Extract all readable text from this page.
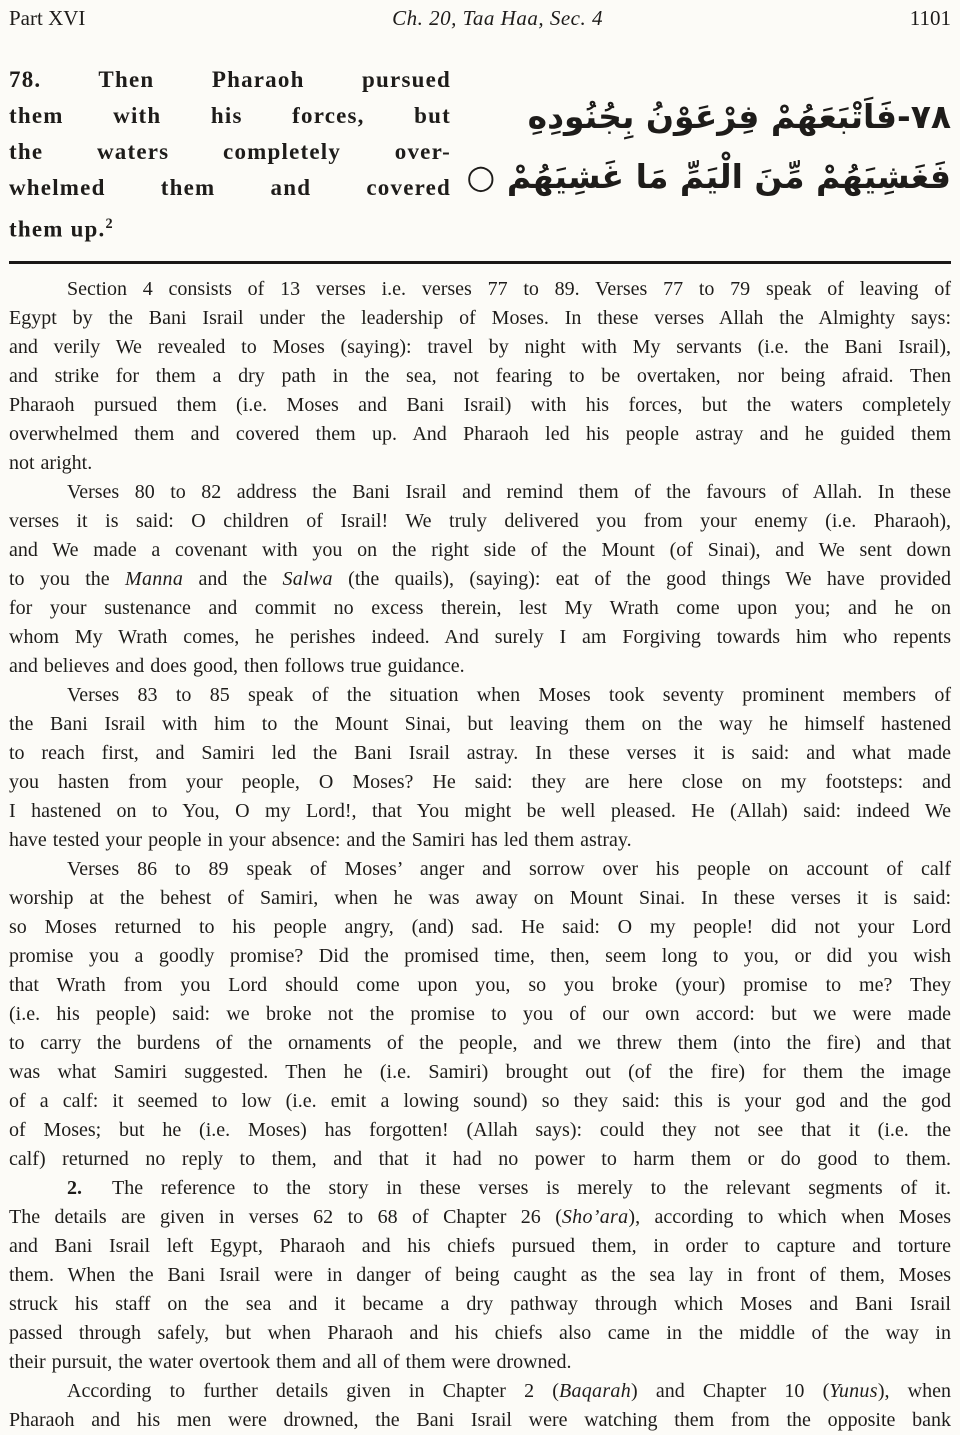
Part XVI	Ch. 20, Taa Haa, Sec. 4	1101
78. Then Pharaoh pursued
them with his forces, but
the waters completely over-
whelmed them and covered
them up.$^2$
٧٨-فَاَتْبَعَهُمْ فِرْعَوْنُ بِجُنُودِهِ
فَغَشِيَهُمْ مِّنَ الْيَمِّ مَا غَشِيَهُمْ ○
Section 4 consists of 13 verses i.e. verses 77 to 89. Verses 77 to 79 speak of leaving of
Egypt by the Bani Israil under the leadership of Moses. In these verses Allah the Almighty says:
and verily We revealed to Moses (saying): travel by night with My servants (i.e. the Bani Israil),
and strike for them a dry path in the sea, not fearing to be overtaken, nor being afraid. Then
Pharaoh pursued them (i.e. Moses and Bani Israil) with his forces, but the waters completely
overwhelmed them and covered them up. And Pharaoh led his people astray and he guided them
not aright.
Verses 80 to 82 address the Bani Israil and remind them of the favours of Allah. In these
verses it is said: O children of Israil! We truly delivered you from your enemy (i.e. Pharaoh),
and We made a covenant with you on the right side of the Mount (of Sinai), and We sent down
to you the Manna and the Salwa (the quails), (saying): eat of the good things We have provided
for your sustenance and commit no excess therein, lest My Wrath come upon you; and he on
whom My Wrath comes, he perishes indeed. And surely I am Forgiving towards him who repents
and believes and does good, then follows true guidance.
Verses 83 to 85 speak of the situation when Moses took seventy prominent members of
the Bani Israil with him to the Mount Sinai, but leaving them on the way he himself hastened
to reach first, and Samiri led the Bani Israil astray. In these verses it is said: and what made
you hasten from your people, O Moses? He said: they are here close on my footsteps: and
I hastened on to You, O my Lord!, that You might be well pleased. He (Allah) said: indeed We
have tested your people in your absence: and the Samiri has led them astray.
Verses 86 to 89 speak of Moses’ anger and sorrow over his people on account of calf
worship at the behest of Samiri, when he was away on Mount Sinai. In these verses it is said:
so Moses returned to his people angry, (and) sad. He said: O my people! did not your Lord
promise you a goodly promise? Did the promised time, then, seem long to you, or did you wish
that Wrath from you Lord should come upon you, so you broke (your) promise to me? They
(i.e. his people) said: we broke not the promise to you of our own accord: but we were made
to carry the burdens of the ornaments of the people, and we threw them (into the fire) and that
was what Samiri suggested. Then he (i.e. Samiri) brought out (of the fire) for them the image
of a calf: it seemed to low (i.e. emit a lowing sound) so they said: this is your god and the god
of Moses; but he (i.e. Moses) has forgotten! (Allah says): could they not see that it (i.e. the
calf) returned no reply to them, and that it had no power to harm them or do good to them.
2.  The reference to the story in these verses is merely to the relevant segments of it.
The details are given in verses 62 to 68 of Chapter 26 (Sho’ara), according to which when Moses
and Bani Israil left Egypt, Pharaoh and his chiefs pursued them, in order to capture and torture
them. When the Bani Israil were in danger of being caught as the sea lay in front of them, Moses
struck his staff on the sea and it became a dry pathway through which Moses and Bani Israil
passed through safely, but when Pharaoh and his chiefs also came in the middle of the way in
their pursuit, the water overtook them and all of them were drowned.
According to further details given in Chapter 2 (Baqarah) and Chapter 10 (Yunus), when
Pharaoh and his men were drowned, the Bani Israil were watching them from the opposite bank
